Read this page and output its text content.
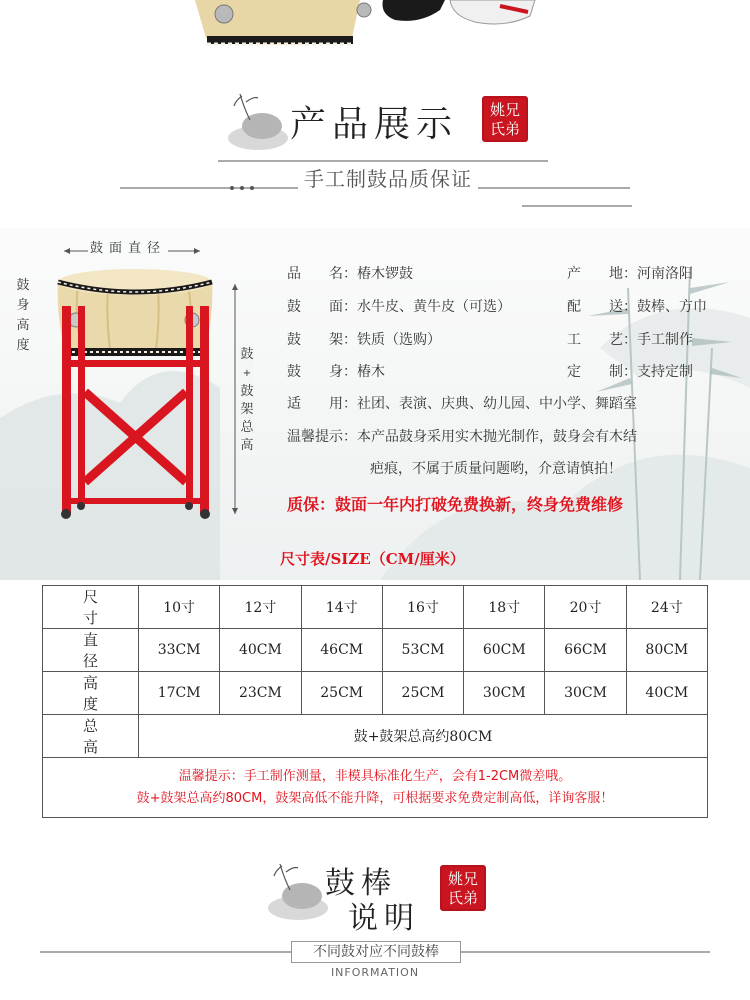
产品展示	姚兄
氏弟
手工制鼓品质保证
鼓面直径
鼓身高度
鼓
+
鼓
架
总
高
品　　名：椿木锣鼓	产　　地：河南洛阳
鼓　　面：水牛皮、黄牛皮（可选）	配　　送：鼓棒、方巾
鼓　　架：铁质（选购）	工　　艺：手工制作
鼓　　身：椿木	定　　制：支持定制
适　　用：社团、表演、庆典、幼儿园、中小学、舞蹈室
温馨提示：本产品鼓身采用实木抛光制作，鼓身会有木结
疤痕，不属于质量问题哟，介意请慎拍！
质保：鼓面一年内打破免费换新，终身免费维修
尺寸表/SIZE（CM/厘米）
尺寸	10寸	12寸	14寸	16寸	18寸	20寸	24寸
直径	33CM	40CM	46CM	53CM	60CM	66CM	80CM
高度	17CM	23CM	25CM	25CM	30CM	30CM	40CM
总高	鼓+鼓架总高约80CM						

温馨提示：手工制作测量，非模具标准化生产，会有1-2CM微差哦。
鼓+鼓架总高约80CM，鼓架高低不能升降，可根据要求免费定制高低，详询客服！							
鼓棒
说明
姚兄
氏弟
不同鼓对应不同鼓棒
INFORMATION
